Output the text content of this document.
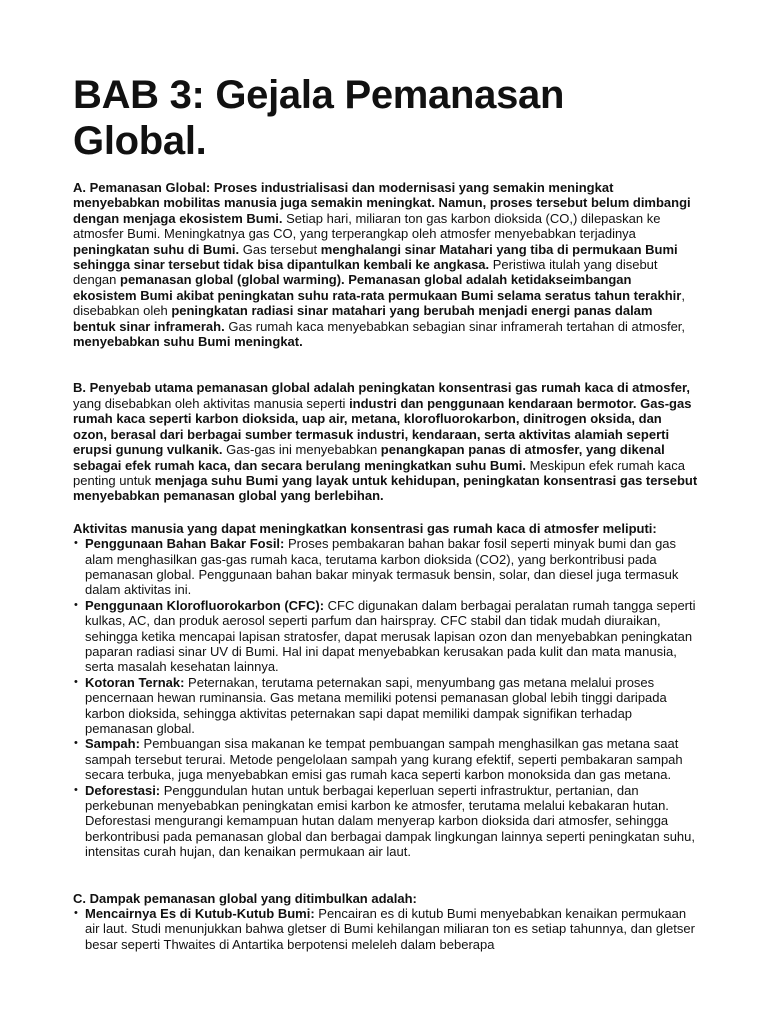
BAB 3: Gejala Pemanasan Global.

A. Pemanasan Global: Proses industrialisasi dan modernisasi yang semakin meningkat menyebabkan mobilitas manusia juga semakin meningkat. Namun, proses tersebut belum dimbangi dengan menjaga ekosistem Bumi. Setiap hari, miliaran ton gas karbon dioksida (CO,) dilepaskan ke atmosfer Bumi. Meningkatnya gas CO, yang terperangkap oleh atmosfer menyebabkan terjadinya peningkatan suhu di Bumi. Gas tersebut menghalangi sinar Matahari yang tiba di permukaan Bumi sehingga sinar tersebut tidak bisa dipantulkan kembali ke angkasa. Peristiwa itulah yang disebut dengan pemanasan global (global warming). Pemanasan global adalah ketidakseimbangan ekosistem Bumi akibat peningkatan suhu rata-rata permukaan Bumi selama seratus tahun terakhir, disebabkan oleh peningkatan radiasi sinar matahari yang berubah menjadi energi panas dalam bentuk sinar inframerah. Gas rumah kaca menyebabkan sebagian sinar inframerah tertahan di atmosfer, menyebabkan suhu Bumi meningkat.

B. Penyebab utama pemanasan global adalah peningkatan konsentrasi gas rumah kaca di atmosfer, yang disebabkan oleh aktivitas manusia seperti industri dan penggunaan kendaraan bermotor. Gas-gas rumah kaca seperti karbon dioksida, uap air, metana, klorofluorokarbon, dinitrogen oksida, dan ozon, berasal dari berbagai sumber termasuk industri, kendaraan, serta aktivitas alamiah seperti erupsi gunung vulkanik. Gas-gas ini menyebabkan penangkapan panas di atmosfer, yang dikenal sebagai efek rumah kaca, dan secara berulang meningkatkan suhu Bumi. Meskipun efek rumah kaca penting untuk menjaga suhu Bumi yang layak untuk kehidupan, peningkatan konsentrasi gas tersebut menyebabkan pemanasan global yang berlebihan.

Aktivitas manusia yang dapat meningkatkan konsentrasi gas rumah kaca di atmosfer meliputi:

• Penggunaan Bahan Bakar Fosil: Proses pembakaran bahan bakar fosil seperti minyak bumi dan gas alam menghasilkan gas-gas rumah kaca, terutama karbon dioksida (CO2), yang berkontribusi pada pemanasan global. Penggunaan bahan bakar minyak termasuk bensin, solar, dan diesel juga termasuk dalam aktivitas ini.
• Penggunaan Klorofluorokarbon (CFC): CFC digunakan dalam berbagai peralatan rumah tangga seperti kulkas, AC, dan produk aerosol seperti parfum dan hairspray. CFC stabil dan tidak mudah diuraikan, sehingga ketika mencapai lapisan stratosfer, dapat merusak lapisan ozon dan menyebabkan peningkatan paparan radiasi sinar UV di Bumi. Hal ini dapat menyebabkan kerusakan pada kulit dan mata manusia, serta masalah kesehatan lainnya.
• Kotoran Ternak: Peternakan, terutama peternakan sapi, menyumbang gas metana melalui proses pencernaan hewan ruminansia. Gas metana memiliki potensi pemanasan global lebih tinggi daripada karbon dioksida, sehingga aktivitas peternakan sapi dapat memiliki dampak signifikan terhadap pemanasan global.
• Sampah: Pembuangan sisa makanan ke tempat pembuangan sampah menghasilkan gas metana saat sampah tersebut terurai. Metode pengelolaan sampah yang kurang efektif, seperti pembakaran sampah secara terbuka, juga menyebabkan emisi gas rumah kaca seperti karbon monoksida dan gas metana.
• Deforestasi: Penggundulan hutan untuk berbagai keperluan seperti infrastruktur, pertanian, dan perkebunan menyebabkan peningkatan emisi karbon ke atmosfer, terutama melalui kebakaran hutan. Deforestasi mengurangi kemampuan hutan dalam menyerap karbon dioksida dari atmosfer, sehingga berkontribusi pada pemanasan global dan berbagai dampak lingkungan lainnya seperti peningkatan suhu, intensitas curah hujan, dan kenaikan permukaan air laut.

C. Dampak pemanasan global yang ditimbulkan adalah:

• Mencairnya Es di Kutub-Kutub Bumi: Pencairan es di kutub Bumi menyebabkan kenaikan permukaan air laut. Studi menunjukkan bahwa gletser di Bumi kehilangan miliaran ton es setiap tahunnya, dan gletser besar seperti Thwaites di Antartika berpotensi meleleh dalam beberapa
